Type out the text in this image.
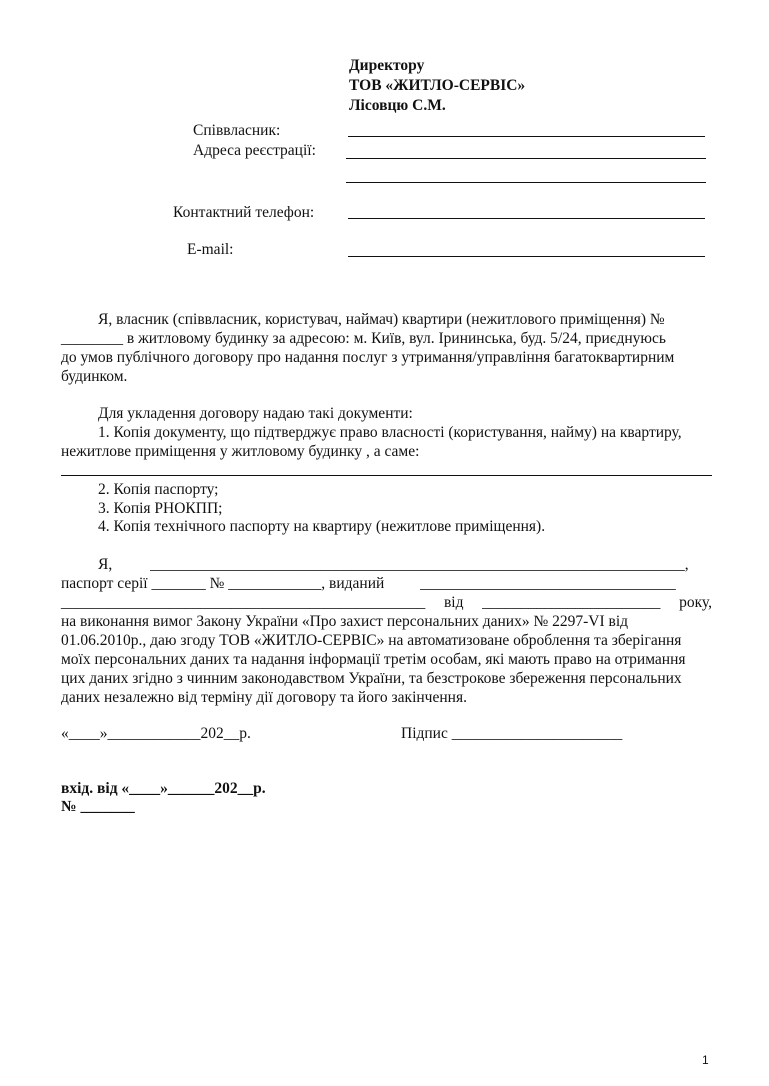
Директору
ТОВ «ЖИТЛО-СЕРВІС»
Лісовцю С.М.
Співвласник:
Адреса реєстрації:
Контактний телефон:
E-mail:
Я, власник (співвласник, користувач, наймач) квартири (нежитлового приміщення) №
________ в житловому будинку за адресою: м. Київ, вул. Ірининська, буд. 5/24, приєднуюсь
до умов публічного договору про надання послуг з утримання/управління багатоквартирним
будинком.
Для укладення договору надаю такі документи:
1. Копія документу, що підтверджує право власності (користування, найму) на квартиру,
нежитлове приміщення у житловому будинку , а саме:
2. Копія паспорту;
3. Копія РНОКПП;
4. Копія технічного паспорту на квартиру (нежитлове приміщення).
Я, _____________________________________________________________________,
паспорт серії _______ № ____________, виданий _________________________________
_______________________________________________ від _______________________ року,
на виконання вимог Закону України «Про захист персональних даних» № 2297-VI від
01.06.2010р., даю згоду ТОВ «ЖИТЛО-СЕРВІС» на автоматизоване оброблення та зберігання
моїх персональних даних та надання інформації третім особам, які мають право на отримання
цих даних згідно з чинним законодавством України, та безстрокове збереження персональних
даних незалежно від терміну дії договору та його закінчення.
«____»____________202__р.	Підпис ______________________
вхід. від «____»______202__р.
№ _______
1
